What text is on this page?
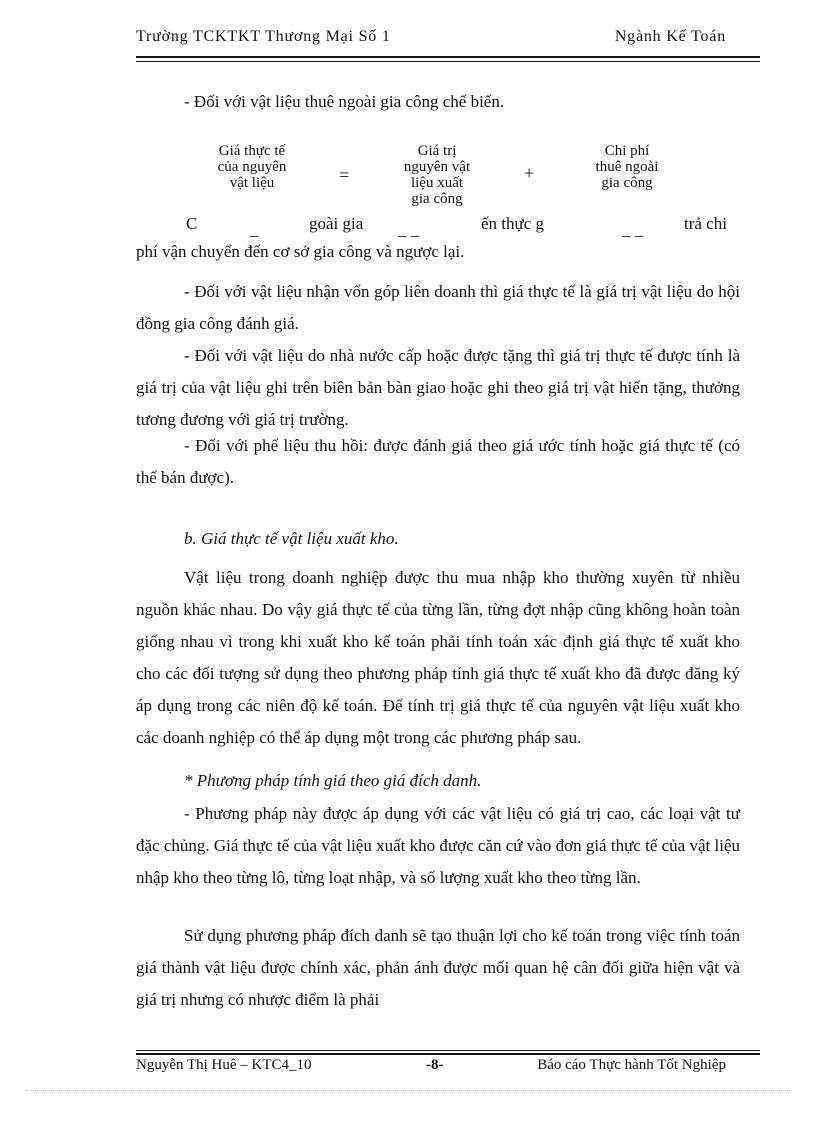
Trường TCKTKT Thương Mại Số 1	Ngành Kế Toán

- Đối với vật liệu thuê ngoài gia công chế biến.

Giá thực tế
của nguyên
vật liệu	=
Giá trị
nguyên vật
liệu xuất
gia công
+
Chi phí
thuê ngoài
gia công
C	_	goài gia _ _	ến thực g	_ _ trả chi

phí vận chuyển đến cơ sở gia công và ngược lại.

- Đối với vật liệu nhận vốn góp liên doanh thì giá thực tế là giá trị vật liệu do hội đồng gia công đánh giá.

- Đối với vật liệu do nhà nước cấp hoặc được tặng thì giá trị thực tế được tính là giá trị của vật liệu ghi trên biên bản bàn giao hoặc ghi theo giá trị vật hiến tặng, thưởng tương đương với giá trị trường.

- Đối với phế liệu thu hồi: được đánh giá theo giá ước tính hoặc giá thực tế (có thể bán được).

b. Giá thực tế vật liệu xuất kho.

Vật liệu trong doanh nghiệp được thu mua nhập kho thường xuyên từ nhiều nguồn khác nhau. Do vậy giá thực tế của từng lần, từng đợt nhập cũng không hoàn toàn giống nhau vì trong khi xuất kho kế toán phải tính toán xác định giá thực tế xuất kho cho các đối tượng sử dụng theo phương pháp tính giá thực tế xuất kho đã được đăng ký áp dụng trong các niên độ kế toán. Để tính trị giá thực tế của nguyên vật liệu xuất kho các doanh nghiệp có thể áp dụng một trong các phương pháp sau.

* Phương pháp tính giá theo giá đích danh.

- Phương pháp này được áp dụng với các vật liệu có giá trị cao, các loại vật tư đặc chủng. Giá thực tế của vật liệu xuất kho được căn cứ vào đơn giá thực tế của vật liệu nhập kho theo từng lô, từng loạt nhập, và số lượng xuất kho theo từng lần.

Sử dụng phương pháp đích danh sẽ tạo thuận lợi cho kế toán trong việc tính toán giá thành vật liệu được chính xác, phản ánh được mối quan hệ cân đối giữa hiện vật và giá trị nhưng có nhược điểm là phải

Nguyễn Thị Huê – KTC4_10	-8-	Báo cáo Thực hành Tốt Nghiệp
